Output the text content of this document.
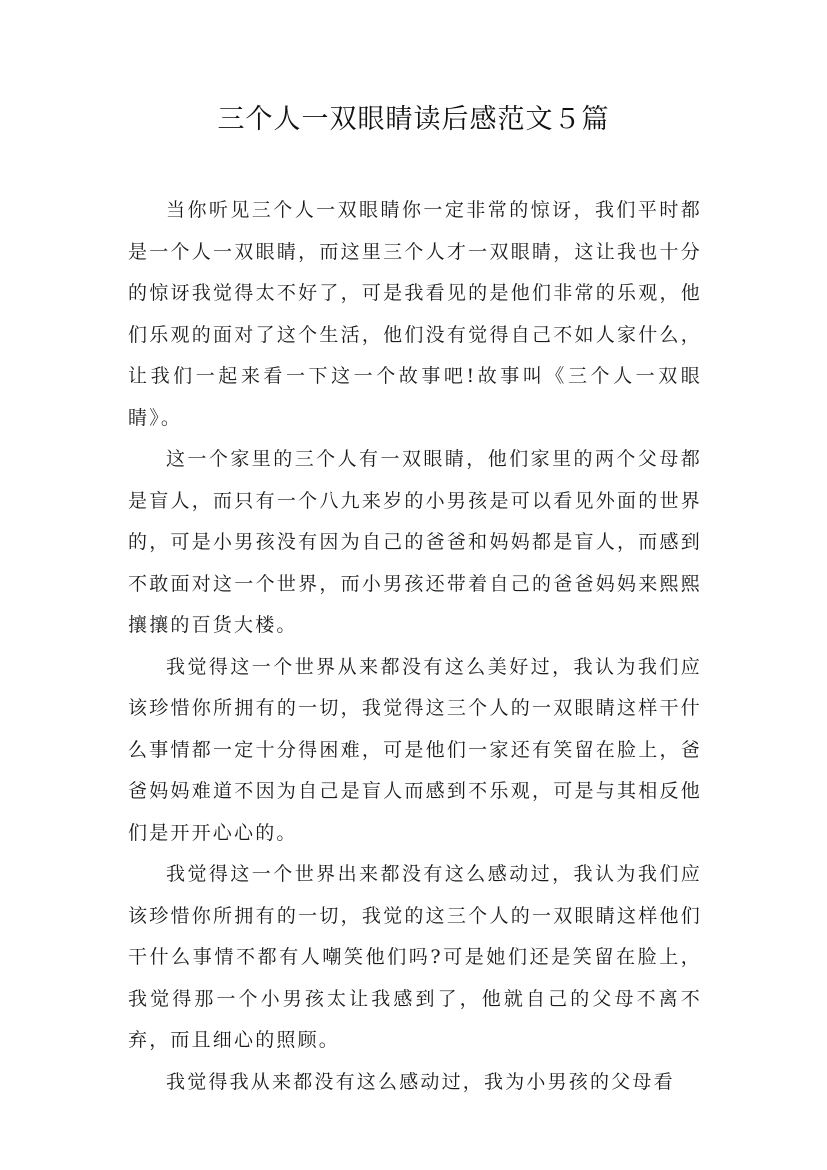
三个人一双眼睛读后感范文５篇

当你听见三个人一双眼睛你一定非常的惊讶，我们平时都是一个人一双眼睛，而这里三个人才一双眼睛，这让我也十分的惊讶我觉得太不好了，可是我看见的是他们非常的乐观，他们乐观的面对了这个生活，他们没有觉得自己不如人家什么，让我们一起来看一下这一个故事吧!故事叫《三个人一双眼睛》。

这一个家里的三个人有一双眼睛，他们家里的两个父母都是盲人，而只有一个八九来岁的小男孩是可以看见外面的世界的，可是小男孩没有因为自己的爸爸和妈妈都是盲人，而感到不敢面对这一个世界，而小男孩还带着自己的爸爸妈妈来熙熙攘攘的百货大楼。

我觉得这一个世界从来都没有这么美好过，我认为我们应该珍惜你所拥有的一切，我觉得这三个人的一双眼睛这样干什么事情都一定十分得困难，可是他们一家还有笑留在脸上，爸爸妈妈难道不因为自己是盲人而感到不乐观，可是与其相反他们是开开心心的。

我觉得这一个世界出来都没有这么感动过，我认为我们应该珍惜你所拥有的一切，我觉的这三个人的一双眼睛这样他们干什么事情不都有人嘲笑他们吗?可是她们还是笑留在脸上，我觉得那一个小男孩太让我感到了，他就自己的父母不离不弃，而且细心的照顾。

我觉得我从来都没有这么感动过，我为小男孩的父母看
